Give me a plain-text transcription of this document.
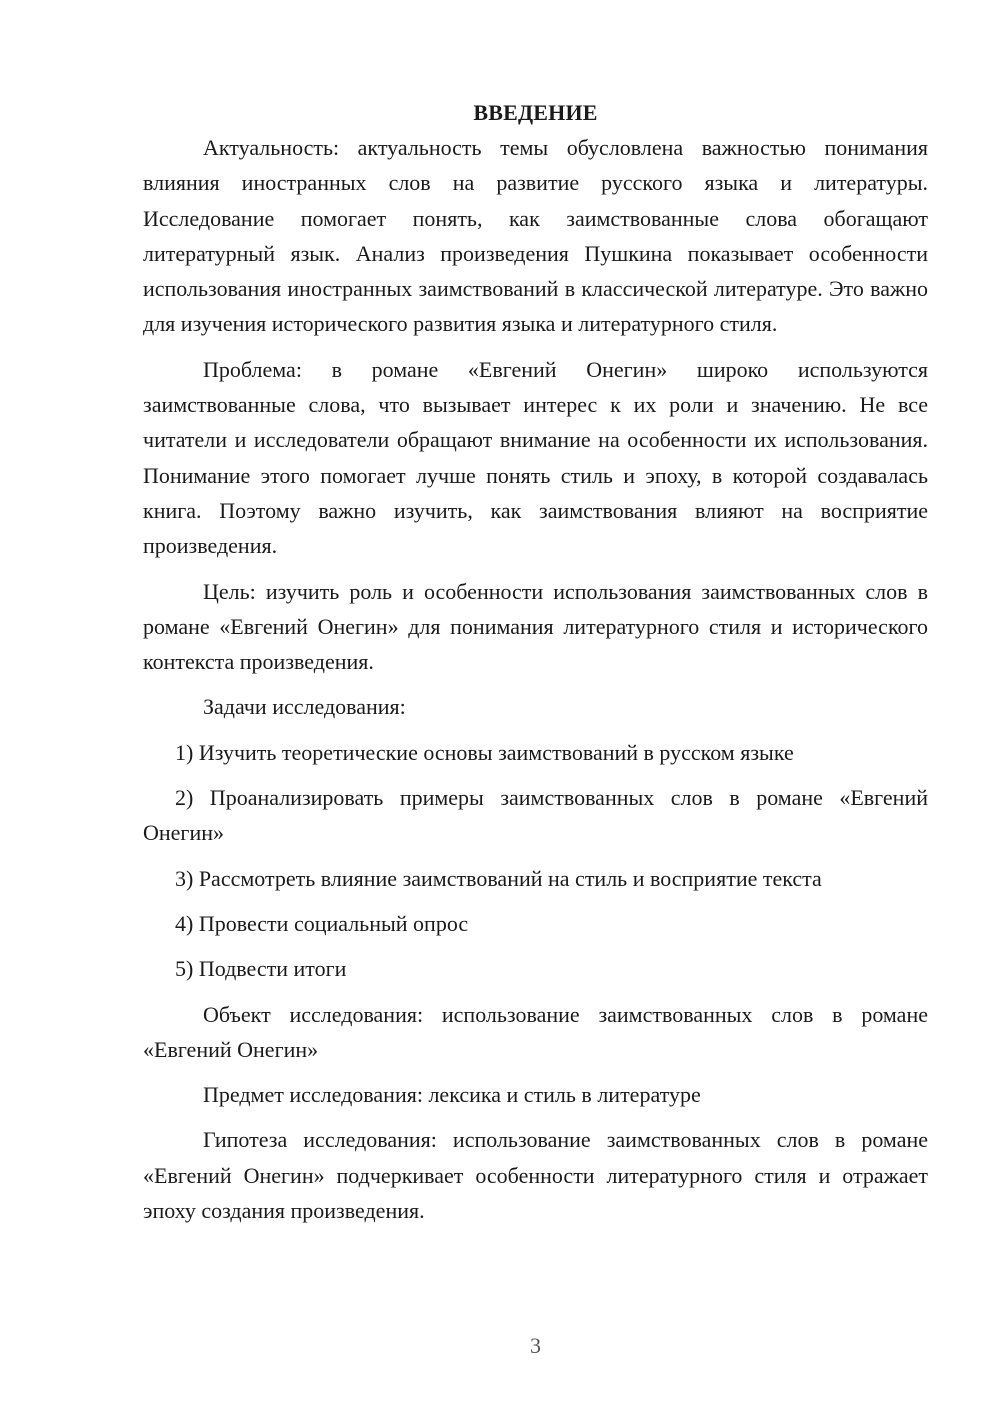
ВВЕДЕНИЕ

Актуальность: актуальность темы обусловлена важностью понимания влияния иностранных слов на развитие русского языка и литературы. Исследование помогает понять, как заимствованные слова обогащают литературный язык. Анализ произведения Пушкина показывает особенности использования иностранных заимствований в классической литературе. Это важно для изучения исторического развития языка и литературного стиля.

Проблема: в романе «Евгений Онегин» широко используются заимствованные слова, что вызывает интерес к их роли и значению. Не все читатели и исследователи обращают внимание на особенности их использования. Понимание этого помогает лучше понять стиль и эпоху, в которой создавалась книга. Поэтому важно изучить, как заимствования влияют на восприятие произведения.

Цель: изучить роль и особенности использования заимствованных слов в романе «Евгений Онегин» для понимания литературного стиля и исторического контекста произведения.

Задачи исследования:

1) Изучить теоретические основы заимствований в русском языке

2) Проанализировать примеры заимствованных слов в романе «Евгений Онегин»

3) Рассмотреть влияние заимствований на стиль и восприятие текста

4) Провести социальный опрос

5) Подвести итоги

Объект исследования: использование заимствованных слов в романе «Евгений Онегин»

Предмет исследования: лексика и стиль в литературе

Гипотеза исследования: использование заимствованных слов в романе «Евгений Онегин» подчеркивает особенности литературного стиля и отражает эпоху создания произведения.

3
